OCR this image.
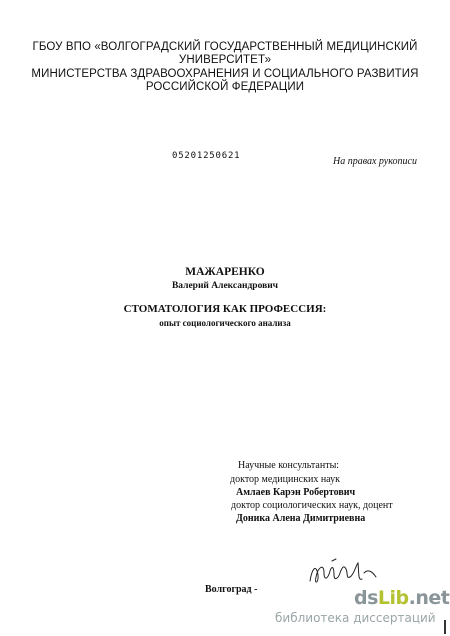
ГБОУ ВПО «ВОЛГОГРАДСКИЙ ГОСУДАРСТВЕННЫЙ МЕДИЦИНСКИЙ
УНИВЕРСИТЕТ»
МИНИСТЕРСТВА ЗДРАВООХРАНЕНИЯ И СОЦИАЛЬНОГО РАЗВИТИЯ
РОССИЙСКОЙ ФЕДЕРАЦИИ
05201250621	На правах рукописи
МАЖАРЕНКО
Валерий Александрович
СТОМАТОЛОГИЯ КАК ПРОФЕССИЯ:
опыт социологического анализа
Научные консультанты:
доктор медицинских наук
Амлаев Карэн Робертович
доктор социологических наук, доцент
Доника Алена Димитриевна
Волгоград -	dsLib.net
библиотека диссертаций
